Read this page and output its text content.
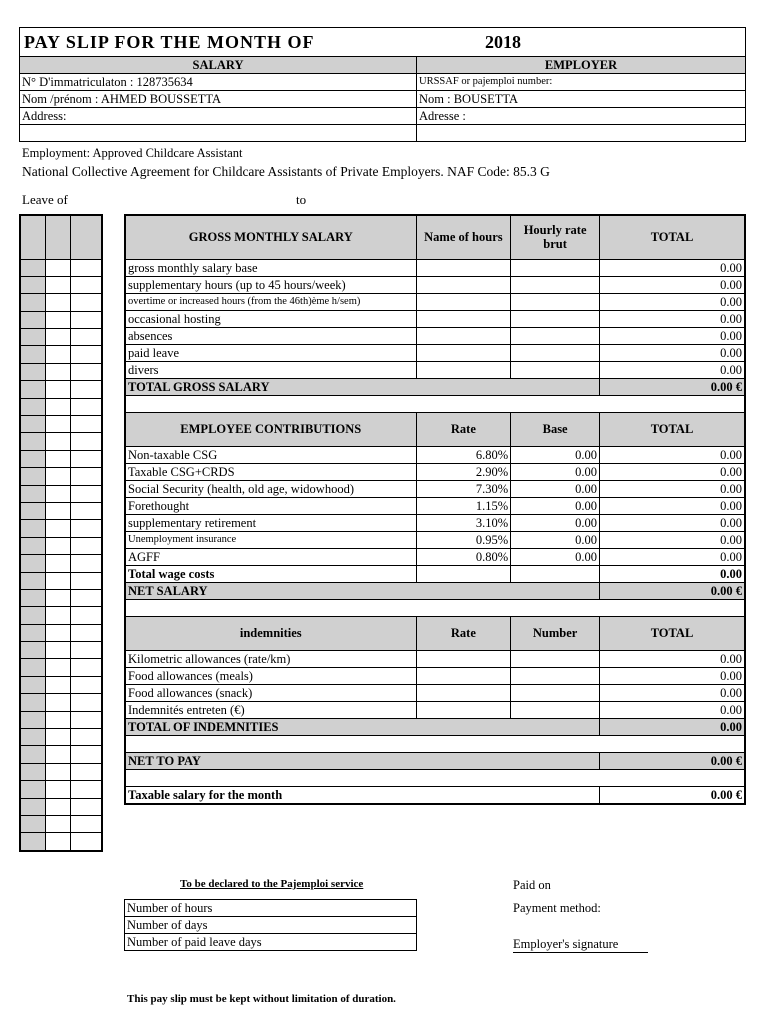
PAY SLIP FOR THE MONTH OF	2018
SALARY	EMPLOYER
N° D'immatriculaton : 128735634	URSSAF or pajemploi number:
Nom /prénom : AHMED BOUSSETTA	Nom : BOUSETTA
Address:	Adresse :

Employment: Approved Childcare Assistant
National Collective Agreement for Childcare Assistants of Private Employers. NAF Code: 85.3 G
Leave of	to

GROSS MONTHLY SALARY	Name of hours	Hourly rate brut	TOTAL
gross monthly salary base			0.00
supplementary hours (up to 45 hours/week)			0.00
overtime or increased hours (from the 46th)ème h/sem)			0.00
occasional hosting			0.00
absences			0.00
paid leave			0.00
divers			0.00
TOTAL GROSS SALARY			0.00 €

EMPLOYEE CONTRIBUTIONS	Rate	Base	TOTAL
Non-taxable CSG	6.80%	0.00	0.00
Taxable CSG+CRDS	2.90%	0.00	0.00
Social Security (health, old age, widowhood)	7.30%	0.00	0.00
Forethought	1.15%	0.00	0.00
supplementary retirement	3.10%	0.00	0.00
Unemployment insurance	0.95%	0.00	0.00
AGFF	0.80%	0.00	0.00
Total wage costs			0.00
NET SALARY			0.00 €

indemnities	Rate	Number	TOTAL
Kilometric allowances (rate/km)			0.00
Food allowances (meals)			0.00
Food allowances (snack)			0.00
Indemnités entreten (€)			0.00
TOTAL OF INDEMNITIES			0.00

NET TO PAY			0.00 €

Taxable salary for the month			0.00 €
To be declared to the Pajemploi service
Number of hours
Number of days
Number of paid leave days
Paid on
Payment method:
Employer's signature
This pay slip must be kept without limitation of duration.
